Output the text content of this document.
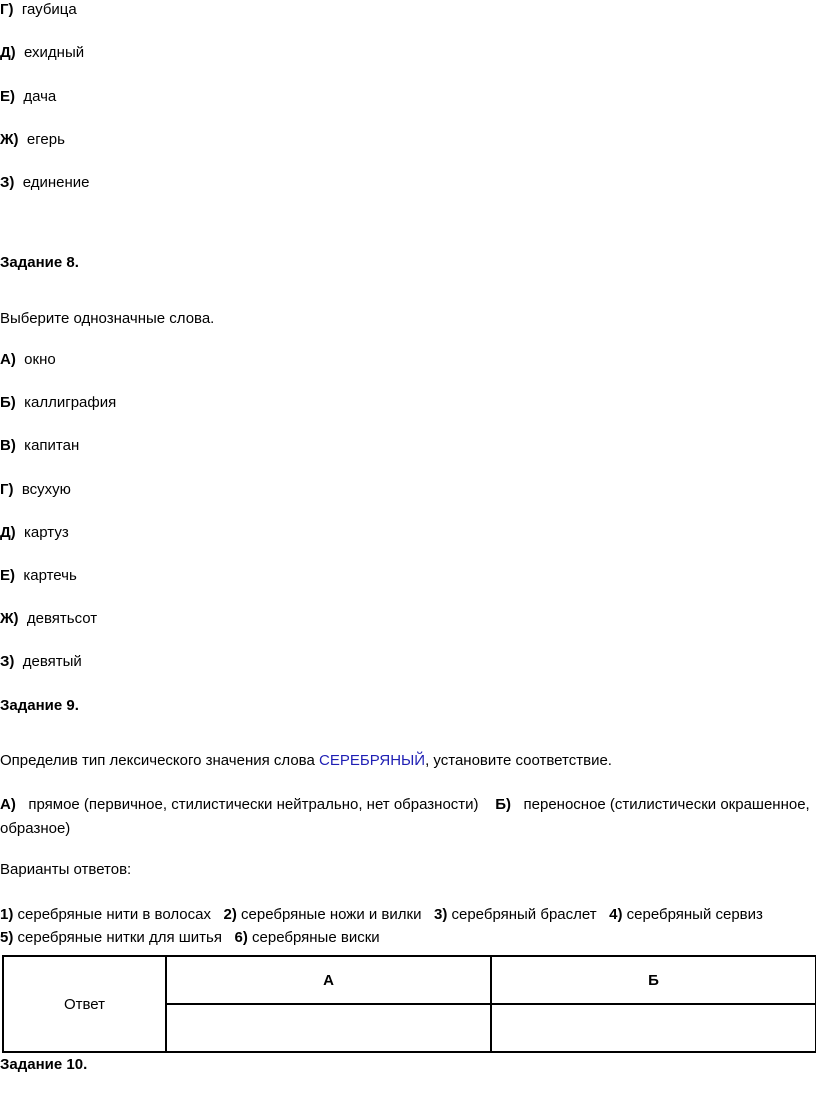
Г) гаубица
Д) ехидный
Е) дача
Ж) егерь
З) единение
Задание 8.
Выберите однозначные слова.
А) окно
Б) каллиграфия
В) капитан
Г) всухую
Д) картуз
Е) картечь
Ж) девятьсот
З) девятый
Задание 9.
Определив тип лексического значения слова СЕРЕБРЯНЫЙ, установите соответствие.
А) прямое (первичное, стилистически нейтрально, нет образности) Б) переносное (стилистически окрашенное, образное)
Варианты ответов:
1) серебряные нити в волосах 2) серебряные ножи и вилки 3) серебряный браслет 4) серебряный сервиз
5) серебряные нитки для шитья 6) серебряные виски
Ответ	А	Б

Задание 10.
